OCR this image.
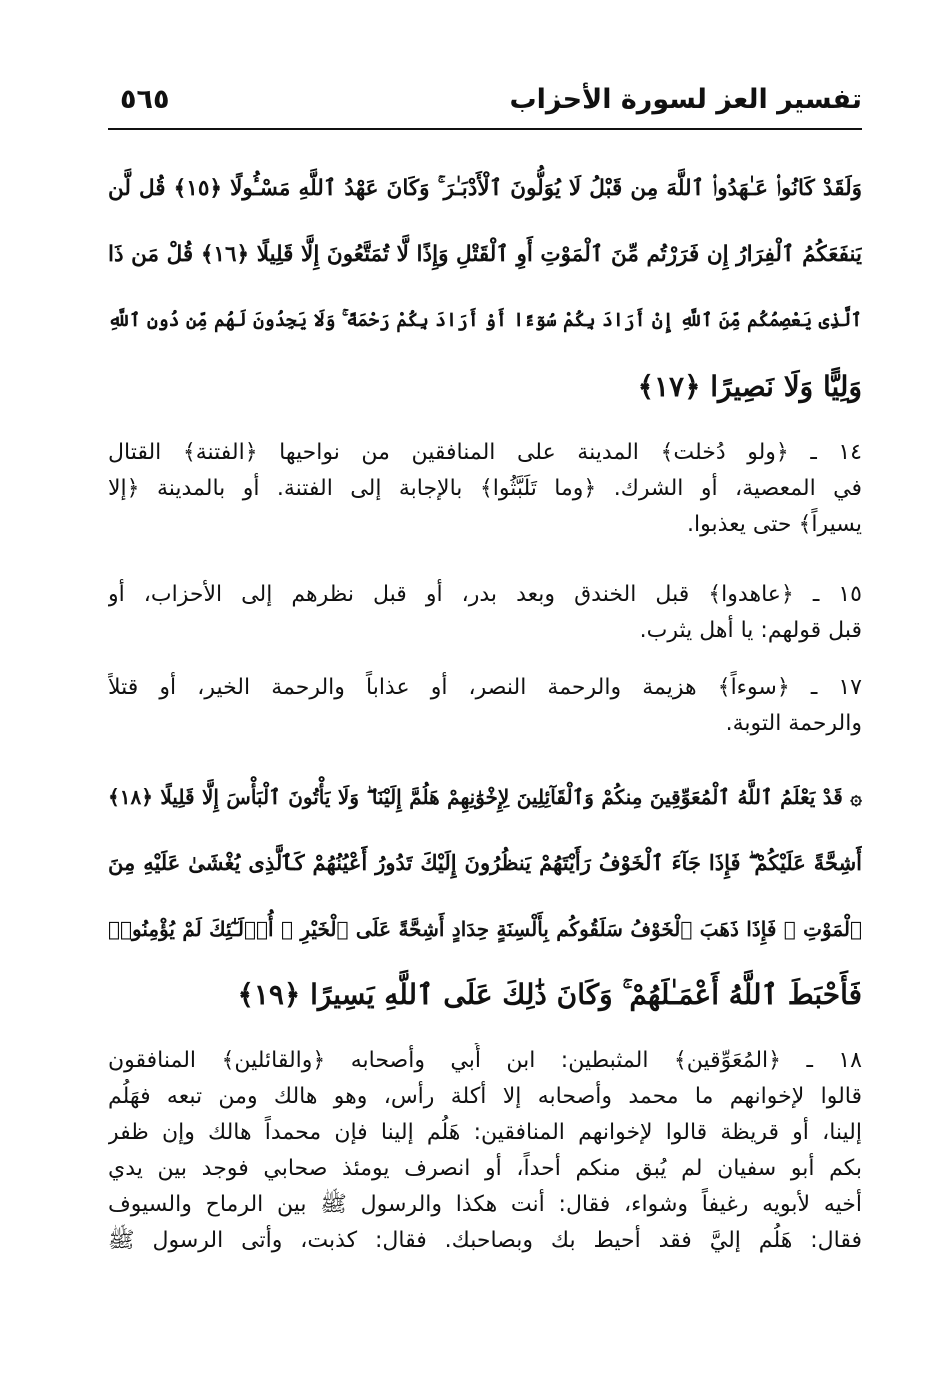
تفسير العز لسورة الأحزاب
٥٦٥
وَلَقَدْ كَانُوا۟ عَـٰهَدُوا۟ ٱللَّهَ مِن قَبْلُ لَا يُوَلُّونَ ٱلْأَدْبَـٰرَ ۚ وَكَانَ عَهْدُ ٱللَّهِ مَسْـُٔولًا ﴿١٥﴾ قُل لَّن
يَنفَعَكُمُ ٱلْفِرَارُ إِن فَرَرْتُم مِّنَ ٱلْمَوْتِ أَوِ ٱلْقَتْلِ وَإِذًا لَّا تُمَتَّعُونَ إِلَّا قَلِيلًا ﴿١٦﴾ قُلْ مَن ذَا
ٱلَّذِى يَعْصِمُكُم مِّنَ ٱللَّهِ إِنْ أَرَادَ بِكُمْ سُوٓءًا أَوْ أَرَادَ بِكُمْ رَحْمَةً ۚ وَلَا يَجِدُونَ لَهُم مِّن دُونِ ٱللَّهِ
وَلِيًّا وَلَا نَصِيرًا ﴿١٧﴾
١٤ ـ ﴿ولو دُخلت﴾ المدينة على المنافقين من نواحيها ﴿الفتنة﴾ القتال
في المعصية، أو الشرك. ﴿وما تَلَبَّثُوا﴾ بالإجابة إلى الفتنة. أو بالمدينة ﴿إلا
يسيراً﴾ حتى يعذبوا.
١٥ ـ ﴿عاهدوا﴾ قبل الخندق وبعد بدر، أو قبل نظرهم إلى الأحزاب، أو
قبل قولهم: يا أهل يثرب.
١٧ ـ ﴿سوءاً﴾ هزيمة والرحمة النصر، أو عذاباً والرحمة الخير، أو قتلاً
والرحمة التوبة.
۞ قَدْ يَعْلَمُ ٱللَّهُ ٱلْمُعَوِّقِينَ مِنكُمْ وَٱلْقَآئِلِينَ لِإِخْوَٰنِهِمْ هَلُمَّ إِلَيْنَا ۖ وَلَا يَأْتُونَ ٱلْبَأْسَ إِلَّا قَلِيلًا ﴿١٨﴾
أَشِحَّةً عَلَيْكُمْ ۖ فَإِذَا جَآءَ ٱلْخَوْفُ رَأَيْتَهُمْ يَنظُرُونَ إِلَيْكَ تَدُورُ أَعْيُنُهُمْ كَٱلَّذِى يُغْشَىٰ عَلَيْهِ مِنَ
ٱلْمَوْتِ ۖ فَإِذَا ذَهَبَ ٱلْخَوْفُ سَلَقُوكُم بِأَلْسِنَةٍ حِدَادٍ أَشِحَّةً عَلَى ٱلْخَيْرِ ۚ أُو۟لَـٰٓئِكَ لَمْ يُؤْمِنُوا۟
فَأَحْبَطَ ٱللَّهُ أَعْمَـٰلَهُمْ ۚ وَكَانَ ذَٰلِكَ عَلَى ٱللَّهِ يَسِيرًا ﴿١٩﴾
١٨ ـ ﴿المُعَوِّقين﴾ المثبطين: ابن أُبي وأصحابه ﴿والقائلين﴾ المنافقون
قالوا لإخوانهم ما محمد وأصحابه إلا أكلة رأس، وهو هالك ومن تبعه فهَلُم
إلينا، أو قريظة قالوا لإخوانهم المنافقين: هَلُم إلينا فإن محمداً هالك وإن ظفر
بكم أبو سفيان لم يُبق منكم أحداً، أو انصرف يومئذ صحابي فوجد بين يدي
أخيه لأبويه رغيفاً وشواء، فقال: أنت هكذا والرسول ﷺ بين الرماح والسيوف
فقال: هَلُم إليَّ فقد أحيط بك وبصاحبك. فقال: كذبت، وأتى الرسول ﷺ
